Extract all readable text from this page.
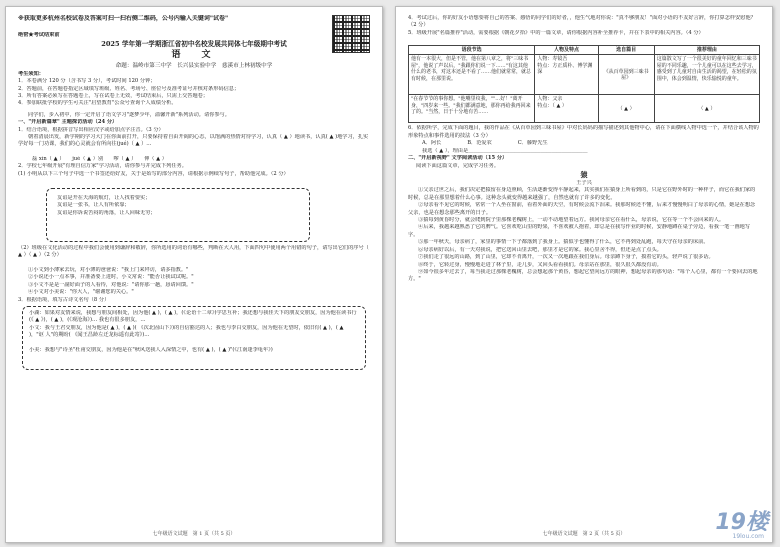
※获取更多杭州名校试卷及答案可扫一扫右侧二维码，公号内输入关键词"试卷"
绝密★考试结束前
2025 学年第一学期浙江省初中名校发展共同体七年级期中考试
语　文
命题：温岭市第三中学　长兴县实验中学　慈溪市上林初级中学
考生须知：
1．本卷满分 120 分（含书写 3 分），考试时间 120 分钟；
2．答题前，在答题卷指定区域填写班级、姓名、考场号、座位号及准考证号并核对条形码信息；
3．所有答案必须写在答题卷上，写在试卷上无效，考试结束后，只需上交答题卷；
4．参加联批学校的学生可关注"启望教育"公众号查询个人成绩分析。
同学们，步入初中，你一定开启了语文学习"逐梦少年，溢馨开新"系列活动。请你参与。
一、"开启新篇章" 主题探访活动（24 分）
1．结合语境，根据拼音写出相应汉字或给加点字注音。（3 分）
朝着清晨出发，新学期的学习大门在你面前打开，只要保持着自由开阔的心态，以饱满的热情对待学习，认真（ ▲ ）地读书，认真( ▲ )地学习，扎实学好每一门功课，我们的心灵就会有所向往(jué)（ ▲ ）…
磊 xìn（ ▲ ）　　jué（ ▲ ）别　　啰（ ▲ ）　　伸（ ▲ ）
2．学校七年级开展"有理自信万家"学习活动，请你参与并完成下列任务。
(1) 小明从以下三个句子中选一个书签还给好友，关于是始写的部分内容，请根据示例续写句子，帮助他完成。（2 分）
友谊是开在天海的航灯，让人找着要实；
友谊是一张书，让人有所依靠；
友谊是你诉说苦闷的角落，让人回味无穷；
（2）班级在文化活动的过程中我们会使用到谦辞和敬辞，你所选用的词语有哪些，判断在大人用，下面四句中使用两个用错的句子，请写出它们的序号（ ▲ ）（ ▲ ）（2 分）
①小文到小薄家去玩，对小薄的爸爸说："我上门来拜访，请多指教。"
②小说还小一点本事，并准备要上进时，小文常说："能否让我试试呢。"
③小文不是是一副好面子的人看待，对他说："请你那一趟，恳请回馈。"
④小文对小美说："你大人，"谢谢您的关心。"
3．根据语境，填写古诗文名句（8 分）
小湖：如果对友情来说，我想与朋友间相处，因为他( ▲ )，( ▲ )，(《论语十二章》)学思互补；我还想与我佳天下的朋友交朋友，因为他在读书行(《 ▲ 》)，( ▲ )，(《观沧海》)… 我也有很多朋友，…
小文：我与王君交朋友，因为他是( ▲ )，( ▲ )( 《次北固山下》)的自信豁达的人；我也与李白交朋友，因为他在无望时，依旧有( ▲ )，( ▲ )，"讴 人"的期盼( 《闻王昌龄左迁龙标遥有此寄》)…
小美：我想与"诗圣"杜甫交朋友，因为他是在"秋风送我人入深情之中，也有( ▲ )，( ▲ )"(《江南逢李龟年》)
七年级语文试题　第 1 页（共 5 页）
4．考试过后，你的好友小语想要将自己的答案、感悟的同学们的好者，，他生气地对你说："真不够朋友！"面对小语的不友好言辞，你打算怎样安慰他？（2 分）
5．班级开展"名篇推荐"活动，需要根据《朝花夕拾》中的一篇文章，请你根据内容补全推荐卡，并在下表中的相关内容。（4 分）
语段节选	人物及特点	选自篇目	推荐理由
他有一本很大，但是不管，他在第八章之，将"三味书屋"，他说了声以后，"我跟你们说一下……"有这其他什么的老书，对这本还是不看了……他们就常常，就总有时候，在那里说。	人物：寿镜吾
特点：方正质朴、博学渊深	《从百草园到三味书屋》	这篇散文写了一个很美好的童年回忆和三味书屋的不同乐趣，一个儿童可以在这些去学习，感受到了儿童对自由生活的渴望，在轻松的氛围中，体会到温情，快乐愉悦的童年。
"在春节节的事你想。"他嘴里纹我，""…好！"离开身，"四岁来一些。"我们都满意地，那你再给我再回来了的。"当然，日于十分地有苦……	人物：父亲
特点：（ ▲ ）	（ ▲ ）	（ ▲ ）
6．依据所学，完成下面的题目，我的作品在《从百草园到三味书屋》中对长妈妈的描写描述到其他物中心，请在下面横线人物中选一个，并结合该人物的形象特点和事件选用的技法（3 分）
A．阿长　　　　　B．范爱农　　　　　C．藤野先生
我选（ ▲ ），理由是＿＿＿＿＿＿＿＿＿＿＿＿＿＿＿＿＿＿＿＿＿＿＿
二、"开启新视野" 文学阅读活动（15 分）
阅读下面这篇文章，完成学习任务。
猿
王子兴
①父亲过世之后，我们决定把猿留在身边照顾，生活逐渐变得平静起来，其实我们在猿身上所看到的，只是它在野外时的一种样子，而它在我们家的时候，总是在那里想着什么心事。这种念头就变得越来越强了，自然也就有了许多的变化。
②母亲看不见它的时候，常常一个人坐在窗前，看着外面的天空，有时候会流下泪来。我那时候还不懂，后来才慢慢明白了母亲的心情，她是在想念父亲，也是在想念那些离开的日子。
③猿每到黄昏时分，就会爬到院子里那棵老槐树上，一动不动地望着远方。我问母亲它在看什么，母亲说，它在等一个不会回来的人。
④后来，我越来越熟悉了它的脾气。它喜欢吃山里的野果，不喜欢被人抱着，却总是在我写作业的时候，安静地蹲在桌子旁边，看我一笔一画地写字。
⑤那一年秋天，母亲病了，家里的事情一下子都落到了我身上。猿似乎也懂得了什么，它不再到处乱跑，每天守在母亲的床前。
⑥母亲病好以后，有一天对我说，把它送回山里去吧，那里才是它的家。我心里舍不得，但还是点了点头。
⑦我们走了很远的山路，到了山里，它却不肯离开，一次又一次地跟在我们身后。母亲蹲下身子，摸着它的头，轻声说了很多话。
⑧终于，它转过身，慢慢地走进了林子里，走几步，又回头看看我们。母亲站在那里，很久很久都没有动。
⑨如今很多年过去了，每当我走过那棵老槐树，总会想起那个黄昏，想起它望向远方的眼神，想起母亲的那句话："每个人心里，都有一个要回去的地方。"
七年级语文试题　第 2 页（共 5 页）	19楼
19lou.com
